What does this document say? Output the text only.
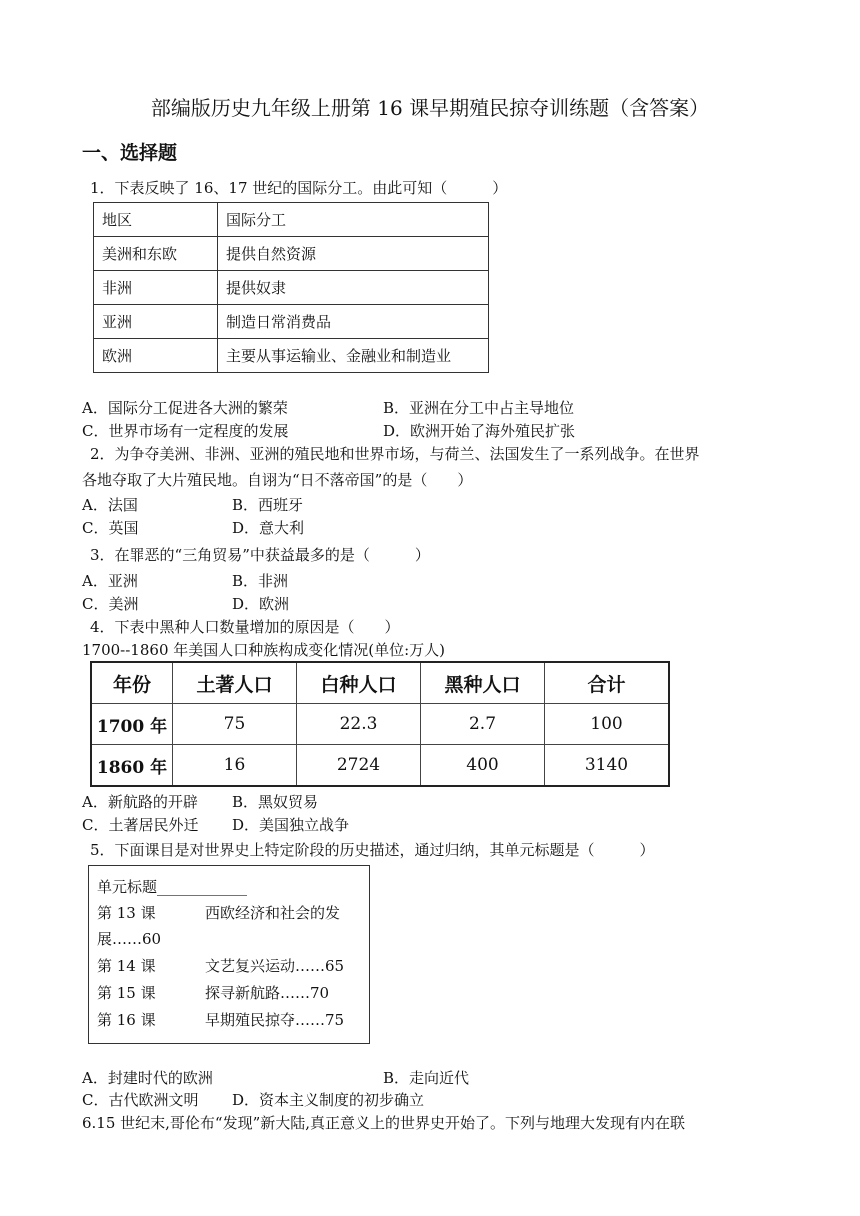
部编版历史九年级上册第 16 课早期殖民掠夺训练题（含答案）
一、选择题
1．下表反映了 16、17 世纪的国际分工。由此可知（　　　）
地区	国际分工
美洲和东欧	提供自然资源
非洲	提供奴隶
亚洲	制造日常消费品
欧洲	主要从事运输业、金融业和制造业
A．国际分工促进各大洲的繁荣	B．亚洲在分工中占主导地位
C．世界市场有一定程度的发展	D．欧洲开始了海外殖民扩张
2．为争夺美洲、非洲、亚洲的殖民地和世界市场，与荷兰、法国发生了一系列战争。在世界
各地夺取了大片殖民地。自诩为“日不落帝国”的是（　　）
A．法国	B．西班牙
C．英国	D．意大利
3．在罪恶的“三角贸易”中获益最多的是（　　　）
A．亚洲	B．非洲
C．美洲	D．欧洲
4．下表中黑种人口数量增加的原因是（　　）
1700--1860 年美国人口种族构成变化情况(单位:万人)
年份	土著人口	白种人口	黑种人口	合计
1700 年	75	22.3	2.7	100
1860 年	16	2724	400	3140
A．新航路的开辟 B．黑奴贸易
C．土著居民外迁 D．美国独立战争
5．下面课目是对世界史上特定阶段的历史描述，通过归纳，其单元标题是（　　　）
单元标题____________
第 13 课	西欧经济和社会的发
展……60
第 14 课	文艺复兴运动……65
第 15 课	探寻新航路……70
第 16 课	早期殖民掠夺……75
A．封建时代的欧洲	B．走向近代
C．古代欧洲文明 D．资本主义制度的初步确立
6.15 世纪末,哥伦布“发现”新大陆,真正意义上的世界史开始了。下列与地理大发现有内在联
